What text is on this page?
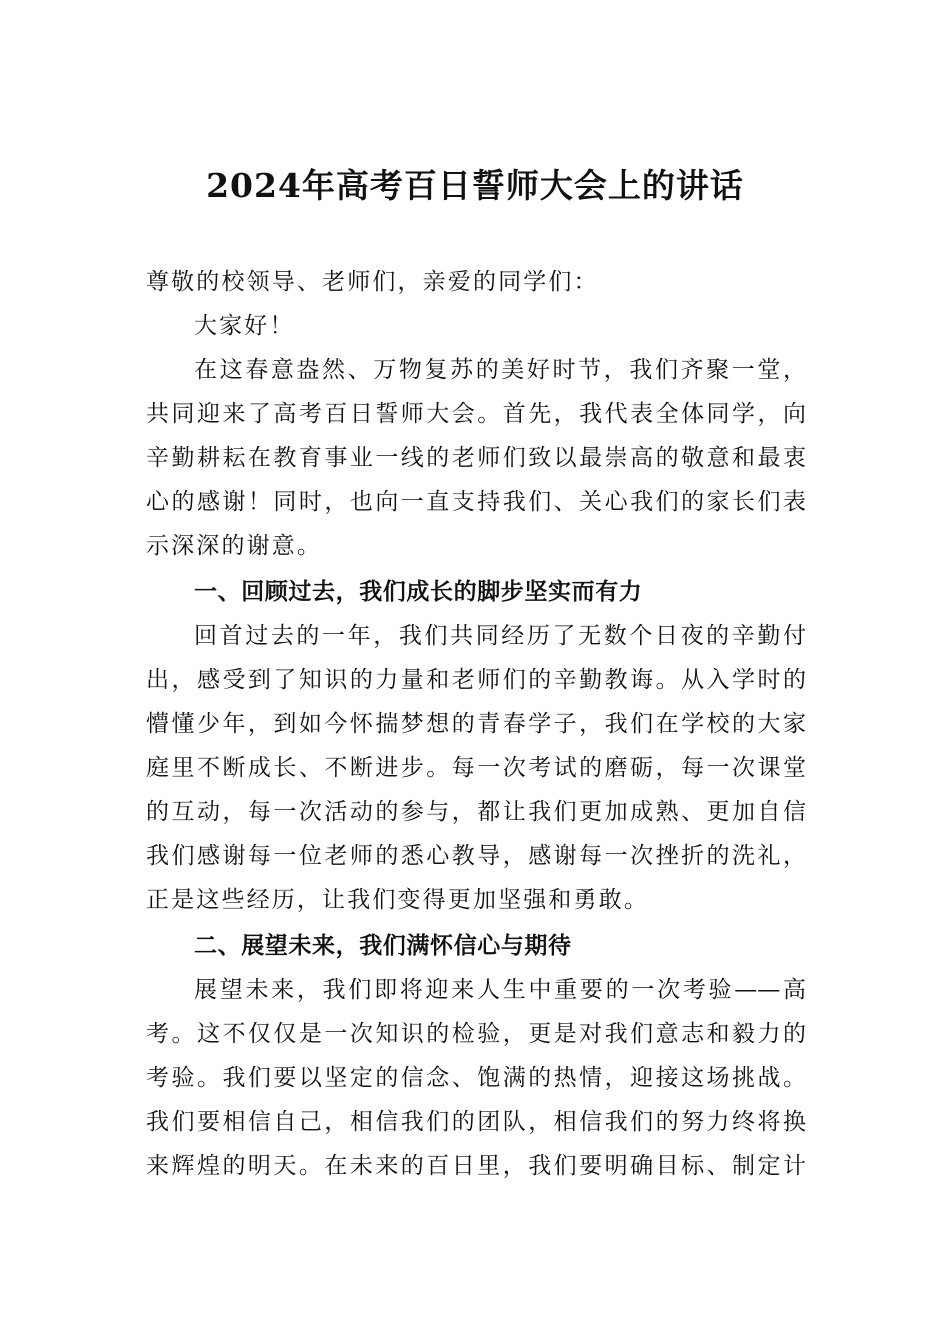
2024年高考百日誓师大会上的讲话
尊敬的校领导、老师们，亲爱的同学们：
大家好！
在这春意盎然、万物复苏的美好时节，我们齐聚一堂，
共同迎来了高考百日誓师大会。首先，我代表全体同学，向
辛勤耕耘在教育事业一线的老师们致以最崇高的敬意和最衷
心的感谢！同时，也向一直支持我们、关心我们的家长们表
示深深的谢意。
一、回顾过去，我们成长的脚步坚实而有力
回首过去的一年，我们共同经历了无数个日夜的辛勤付
出，感受到了知识的力量和老师们的辛勤教诲。从入学时的
懵懂少年，到如今怀揣梦想的青春学子，我们在学校的大家
庭里不断成长、不断进步。每一次考试的磨砺，每一次课堂
的互动，每一次活动的参与，都让我们更加成熟、更加自信
我们感谢每一位老师的悉心教导，感谢每一次挫折的洗礼，
正是这些经历，让我们变得更加坚强和勇敢。
二、展望未来，我们满怀信心与期待
展望未来，我们即将迎来人生中重要的一次考验——高
考。这不仅仅是一次知识的检验，更是对我们意志和毅力的
考验。我们要以坚定的信念、饱满的热情，迎接这场挑战。
我们要相信自己，相信我们的团队，相信我们的努力终将换
来辉煌的明天。在未来的百日里，我们要明确目标、制定计
